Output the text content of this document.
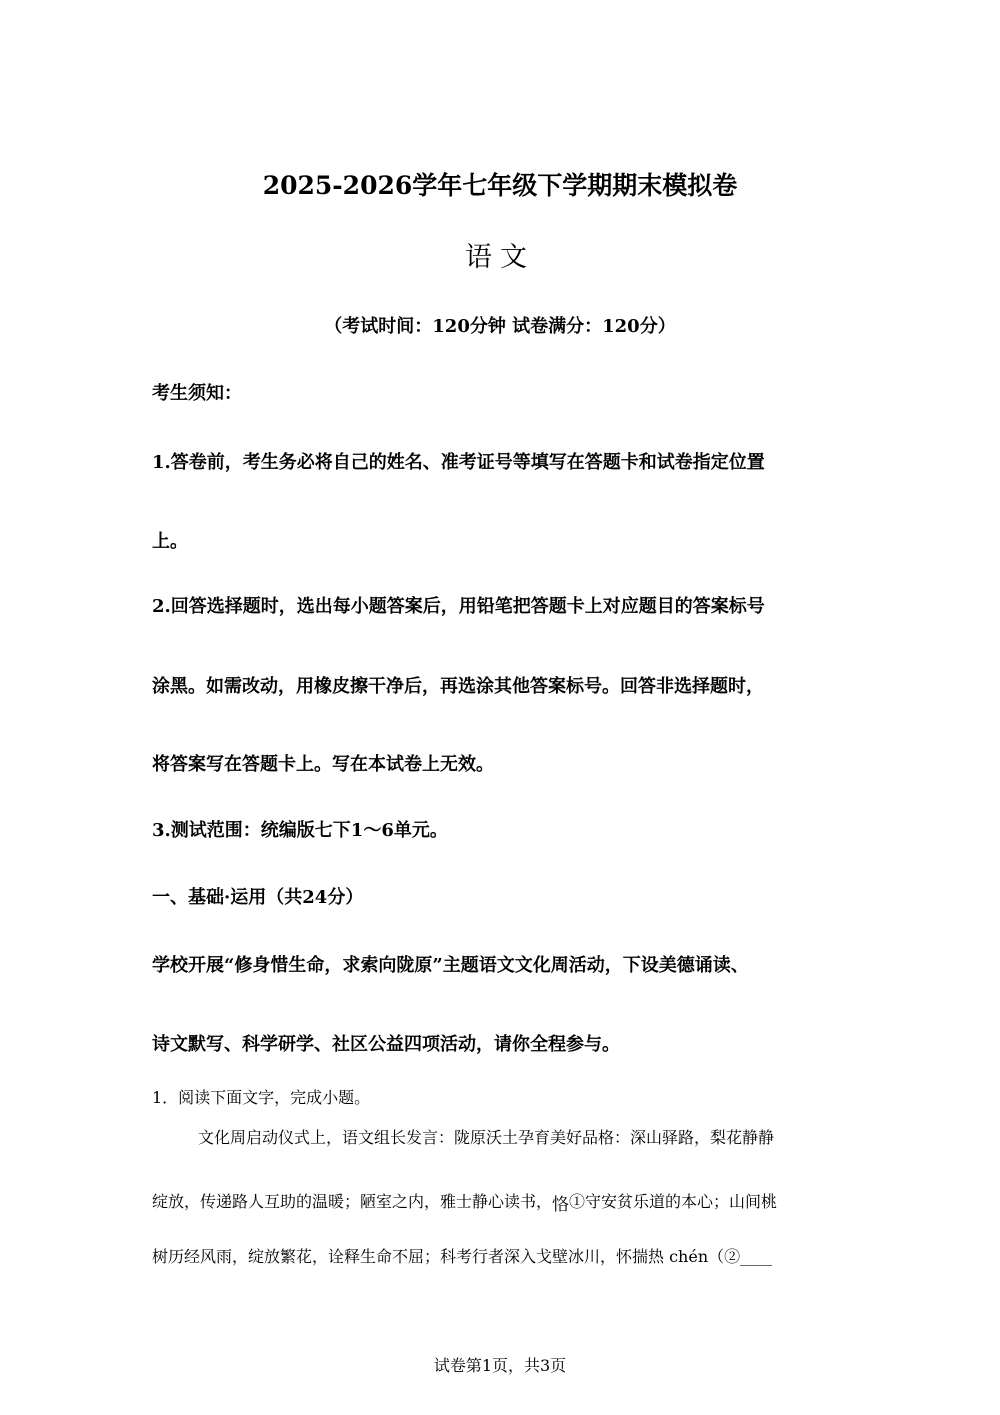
2025-2026学年七年级下学期期末模拟卷
语文
（考试时间：120分钟 试卷满分：120分）
考生须知：
1.答卷前，考生务必将自己的姓名、准考证号等填写在答题卡和试卷指定位置
上。
2.回答选择题时，选出每小题答案后，用铅笔把答题卡上对应题目的答案标号
涂黑。如需改动，用橡皮擦干净后，再选涂其他答案标号。回答非选择题时，
将答案写在答题卡上。写在本试卷上无效。
3.测试范围：统编版七下1～6单元。
一、基础·运用（共24分）
学校开展“修身惜生命，求索向陇原”主题语文文化周活动，下设美德诵读、
诗文默写、科学研学、社区公益四项活动，请你全程参与。
1．阅读下面文字，完成小题。
文化周启动仪式上，语文组长发言：陇原沃土孕育美好品格：深山驿路，梨花静静
绽放，传递路人互助的温暖；陋室之内，雅士静心读书，恪①守安贫乐道的本心；山间桃
树历经风雨，绽放繁花，诠释生命不屈；科考行者深入戈壁冰川，怀揣热 chén（②____
试卷第1页，共3页
